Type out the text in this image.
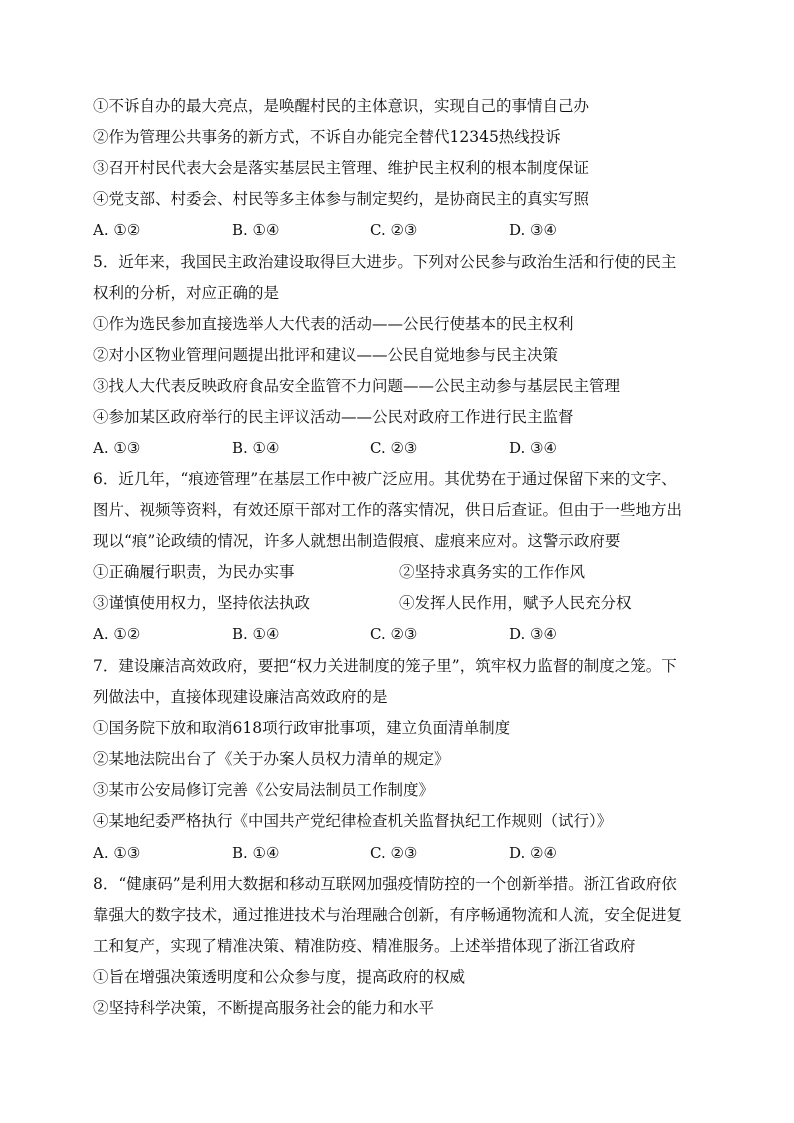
①不诉自办的最大亮点，是唤醒村民的主体意识，实现自己的事情自己办
②作为管理公共事务的新方式，不诉自办能完全替代12345热线投诉
③召开村民代表大会是落实基层民主管理、维护民主权利的根本制度保证
④党支部、村委会、村民等多主体参与制定契约，是协商民主的真实写照
A. ①②	B. ①④	C. ②③	D. ③④
5．近年来，我国民主政治建设取得巨大进步。下列对公民参与政治生活和行使的民主
权利的分析，对应正确的是
①作为选民参加直接选举人大代表的活动——公民行使基本的民主权利
②对小区物业管理问题提出批评和建议——公民自觉地参与民主决策
③找人大代表反映政府食品安全监管不力问题——公民主动参与基层民主管理
④参加某区政府举行的民主评议活动——公民对政府工作进行民主监督
A. ①③	B. ①④	C. ②③	D. ③④
6．近几年，“痕迹管理”在基层工作中被广泛应用。其优势在于通过保留下来的文字、
图片、视频等资料，有效还原干部对工作的落实情况，供日后查证。但由于一些地方出
现以“痕”论政绩的情况，许多人就想出制造假痕、虚痕来应对。这警示政府要
①正确履行职责，为民办实事	②坚持求真务实的工作作风
③谨慎使用权力，坚持依法执政	④发挥人民作用，赋予人民充分权
A. ①②	B. ①④	C. ②③	D. ③④
7．建设廉洁高效政府，要把“权力关进制度的笼子里”，筑牢权力监督的制度之笼。下
列做法中，直接体现建设廉洁高效政府的是
①国务院下放和取消618项行政审批事项，建立负面清单制度
②某地法院出台了《关于办案人员权力清单的规定》
③某市公安局修订完善《公安局法制员工作制度》
④某地纪委严格执行《中国共产党纪律检查机关监督执纪工作规则（试行）》
A. ①③	B. ①④	C. ②③	D. ②④
8．“健康码”是利用大数据和移动互联网加强疫情防控的一个创新举措。浙江省政府依
靠强大的数字技术，通过推进技术与治理融合创新，有序畅通物流和人流，安全促进复
工和复产，实现了精准决策、精准防疫、精准服务。上述举措体现了浙江省政府
①旨在增强决策透明度和公众参与度，提高政府的权威
②坚持科学决策，不断提高服务社会的能力和水平
